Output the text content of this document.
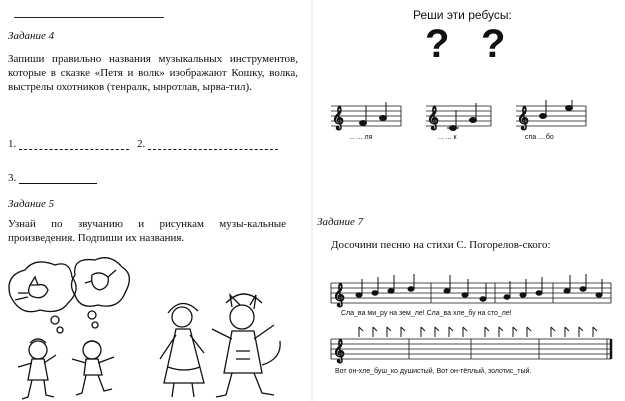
Задание 4
Запиши правильно названия музыкальных инструментов, которые в сказке «Петя и волк» изображают Кошку, волка, выстрелы охотников (тенралк, ынротлав, ырвa-тил).
1.	2.
3.
Задание 5
Узнай по звучанию и рисункам музы-кальные произведения. Подпиши их названия.
Реши эти ребусы:
? ?
𝄞	𝄞	𝄞
... ... ля	... ... к	спа ... бо
Задание 7
Досочини песню на стихи С. Погорелов-ского:
𝄞
Сла_ва ми_ру на зем_ле! Сла_ва хле_бу на сто_ле!
𝄞
Вот он-хле_буш_ко душистый, Вот он-тёплый, золотис_тый.
